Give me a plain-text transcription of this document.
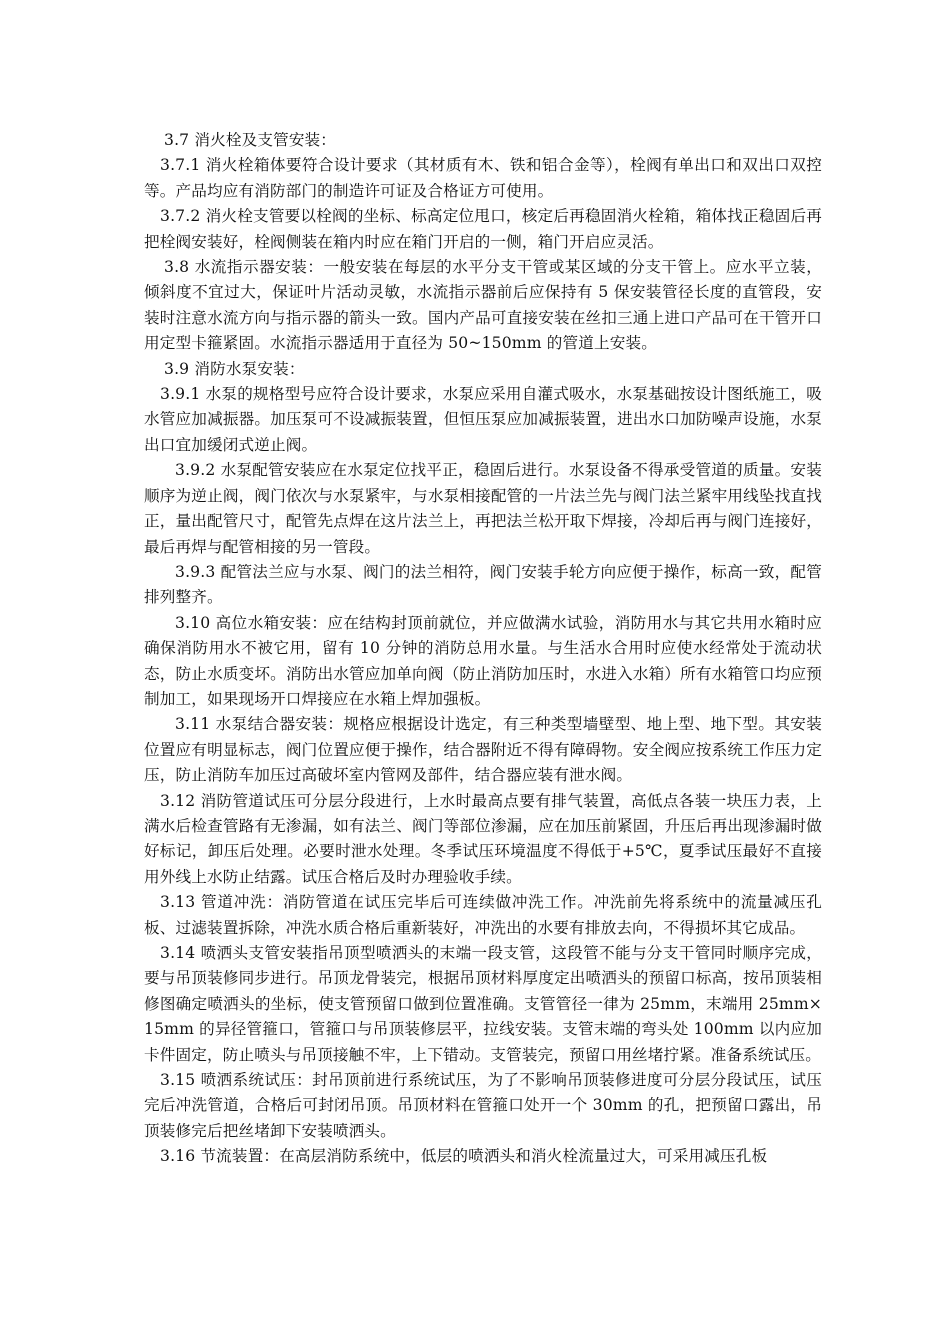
3.7 消火栓及支管安装：

3.7.1 消火栓箱体要符合设计要求（其材质有木、铁和铝合金等），栓阀有单出口和双出口双控等。产品均应有消防部门的制造许可证及合格证方可使用。

3.7.2 消火栓支管要以栓阀的坐标、标高定位甩口，核定后再稳固消火栓箱，箱体找正稳固后再把栓阀安装好，栓阀侧装在箱内时应在箱门开启的一侧，箱门开启应灵活。

3.8 水流指示器安装：一般安装在每层的水平分支干管或某区域的分支干管上。应水平立装，倾斜度不宜过大，保证叶片活动灵敏，水流指示器前后应保持有 5 保安装管径长度的直管段，安装时注意水流方向与指示器的箭头一致。国内产品可直接安装在丝扣三通上进口产品可在干管开口用定型卡箍紧固。水流指示器适用于直径为 50~150mm 的管道上安装。

3.9 消防水泵安装：

3.9.1 水泵的规格型号应符合设计要求，水泵应采用自灌式吸水，水泵基础按设计图纸施工，吸水管应加减振器。加压泵可不设减振装置，但恒压泵应加减振装置，进出水口加防噪声设施，水泵出口宜加缓闭式逆止阀。

3.9.2 水泵配管安装应在水泵定位找平正，稳固后进行。水泵设备不得承受管道的质量。安装顺序为逆止阀，阀门依次与水泵紧牢，与水泵相接配管的一片法兰先与阀门法兰紧牢用线坠找直找正，量出配管尺寸，配管先点焊在这片法兰上，再把法兰松开取下焊接，冷却后再与阀门连接好，最后再焊与配管相接的另一管段。

3.9.3 配管法兰应与水泵、阀门的法兰相符，阀门安装手轮方向应便于操作，标高一致，配管排列整齐。

3.10 高位水箱安装：应在结构封顶前就位，并应做满水试验，消防用水与其它共用水箱时应确保消防用水不被它用，留有 10 分钟的消防总用水量。与生活水合用时应使水经常处于流动状态，防止水质变坏。消防出水管应加单向阀（防止消防加压时，水进入水箱）所有水箱管口均应预制加工，如果现场开口焊接应在水箱上焊加强板。

3.11 水泵结合器安装：规格应根据设计选定，有三种类型墙壁型、地上型、地下型。其安装位置应有明显标志，阀门位置应便于操作，结合器附近不得有障碍物。安全阀应按系统工作压力定压，防止消防车加压过高破坏室内管网及部件，结合器应装有泄水阀。

3.12 消防管道试压可分层分段进行，上水时最高点要有排气装置，高低点各装一块压力表，上满水后检查管路有无渗漏，如有法兰、阀门等部位渗漏，应在加压前紧固，升压后再出现渗漏时做好标记，卸压后处理。必要时泄水处理。冬季试压环境温度不得低于+5℃，夏季试压最好不直接用外线上水防止结露。试压合格后及时办理验收手续。

3.13 管道冲洗：消防管道在试压完毕后可连续做冲洗工作。冲洗前先将系统中的流量减压孔板、过滤装置拆除，冲洗水质合格后重新装好，冲洗出的水要有排放去向，不得损坏其它成品。

3.14 喷洒头支管安装指吊顶型喷洒头的末端一段支管，这段管不能与分支干管同时顺序完成，要与吊顶装修同步进行。吊顶龙骨装完，根据吊顶材料厚度定出喷洒头的预留口标高，按吊顶装相修图确定喷洒头的坐标，使支管预留口做到位置准确。支管管径一律为 25mm，末端用 25mm×15mm 的异径管箍口，管箍口与吊顶装修层平，拉线安装。支管末端的弯头处 100mm 以内应加卡件固定，防止喷头与吊顶接触不牢，上下错动。支管装完，预留口用丝堵拧紧。准备系统试压。

3.15 喷洒系统试压：封吊顶前进行系统试压，为了不影响吊顶装修进度可分层分段试压，试压完后冲洗管道，合格后可封闭吊顶。吊顶材料在管箍口处开一个 30mm 的孔，把预留口露出，吊顶装修完后把丝堵卸下安装喷洒头。

3.16 节流装置：在高层消防系统中，低层的喷洒头和消火栓流量过大，可采用减压孔板
